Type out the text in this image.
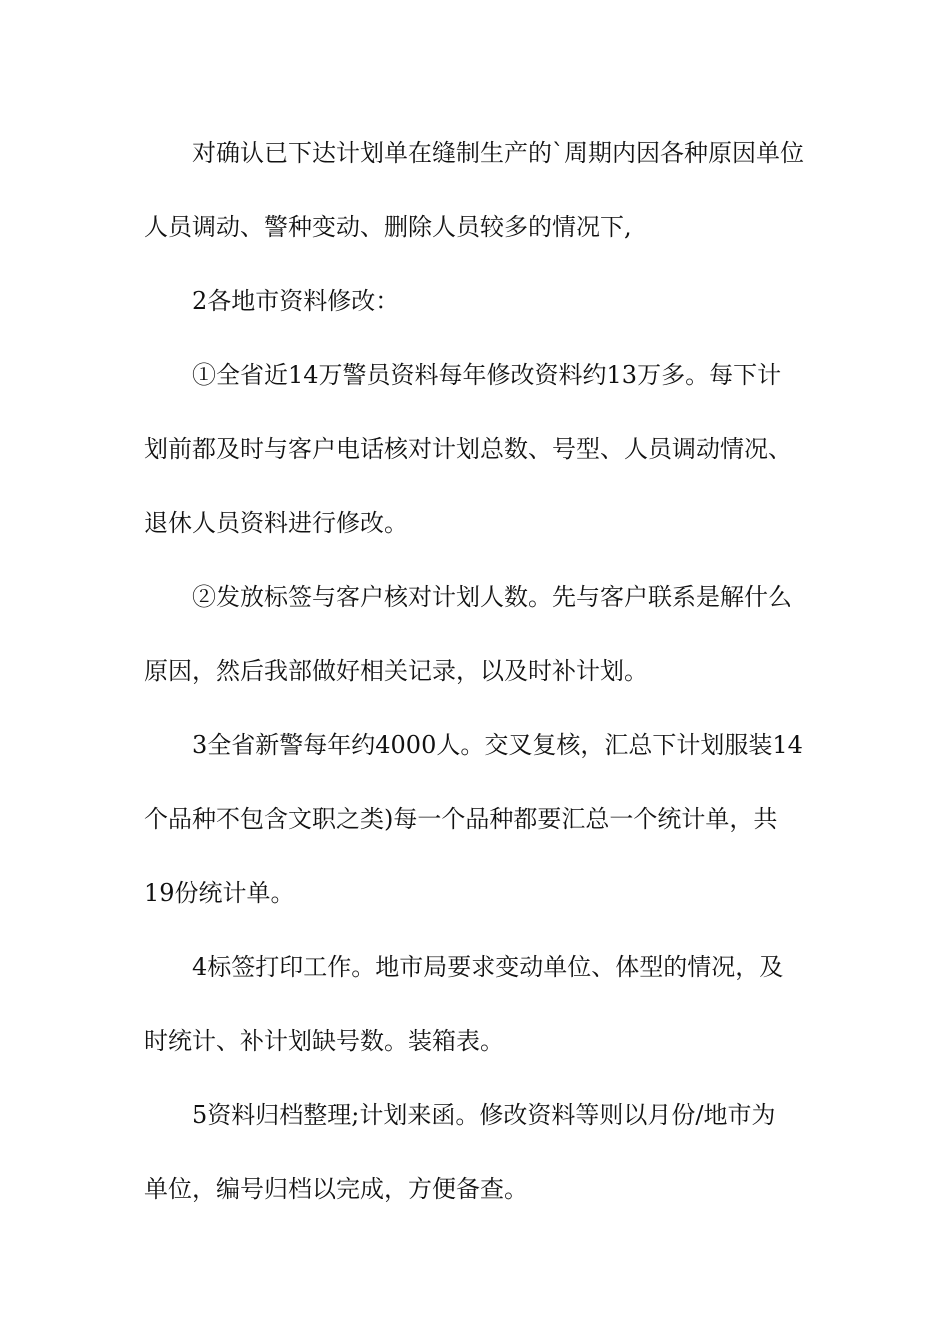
对确认已下达计划单在缝制生产的`周期内因各种原因单位
人员调动、警种变动、删除人员较多的情况下,
2各地市资料修改：
①全省近14万警员资料每年修改资料约13万多。每下计
划前都及时与客户电话核对计划总数、号型、人员调动情况、
退休人员资料进行修改。
②发放标签与客户核对计划人数。先与客户联系是解什么
原因，然后我部做好相关记录，以及时补计划。
3全省新警每年约4000人。交叉复核，汇总下计划服装14
个品种不包含文职之类)每一个品种都要汇总一个统计单，共
19份统计单。
4标签打印工作。地市局要求变动单位、体型的情况，及
时统计、补计划缺号数。装箱表。
5资料归档整理;计划来函。修改资料等则以月份/地市为
单位，编号归档以完成，方便备查。
